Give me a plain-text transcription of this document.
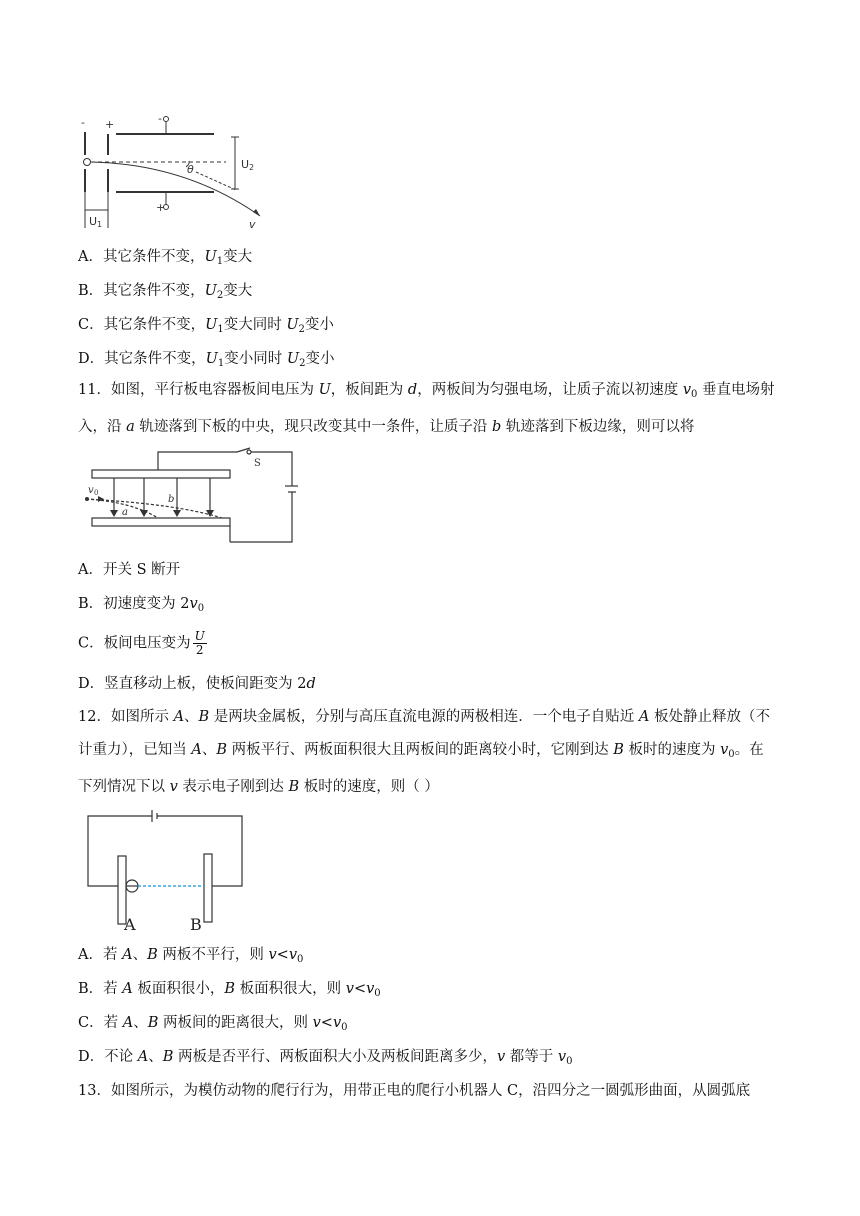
- +	-
+
θ	U 2
v
U 1
A．其它条件不变，$U_1$变大
B．其它条件不变，$U_2$变大
C．其它条件不变，$U_1$变大同时 $U_2$变小
D．其它条件不变，$U_1$变小同时 $U_2$变小
11．如图，平行板电容器板间电压为 U，板间距为 d，两板间为匀强电场，让质子流以初速度 $v_0$ 垂直电场射入，沿 a 轨迹落到下板的中央，现只改变其中一条件，让质子沿 b 轨迹落到下板边缘，则可以将
S
v 0
a
b
A．开关 S 断开
B．初速度变为 $2v_0$
C．板间电压变为 $\frac{U}{2}$
D．竖直移动上板，使板间距变为 2d
12．如图所示 A、B 是两块金属板，分别与高压直流电源的两极相连．一个电子自贴近 A 板处静止释放（不
计重力），已知当 A、B 两板平行、两板面积很大且两板间的距离较小时，它刚到达 B 板时的速度为 $v_0$。在
下列情况下以 v 表示电子刚到达 B 板时的速度，则（ ）
A	B
A．若 A、B 两板不平行，则 $v<v_0$
B．若 A 板面积很小，B 板面积很大，则 $v<v_0$
C．若 A、B 两板间的距离很大，则 $v<v_0$
D．不论 A、B 两板是否平行、两板面积大小及两板间距离多少，v 都等于 $v_0$
13．如图所示，为模仿动物的爬行行为，用带正电的爬行小机器人 C，沿四分之一圆弧形曲面，从圆弧底
